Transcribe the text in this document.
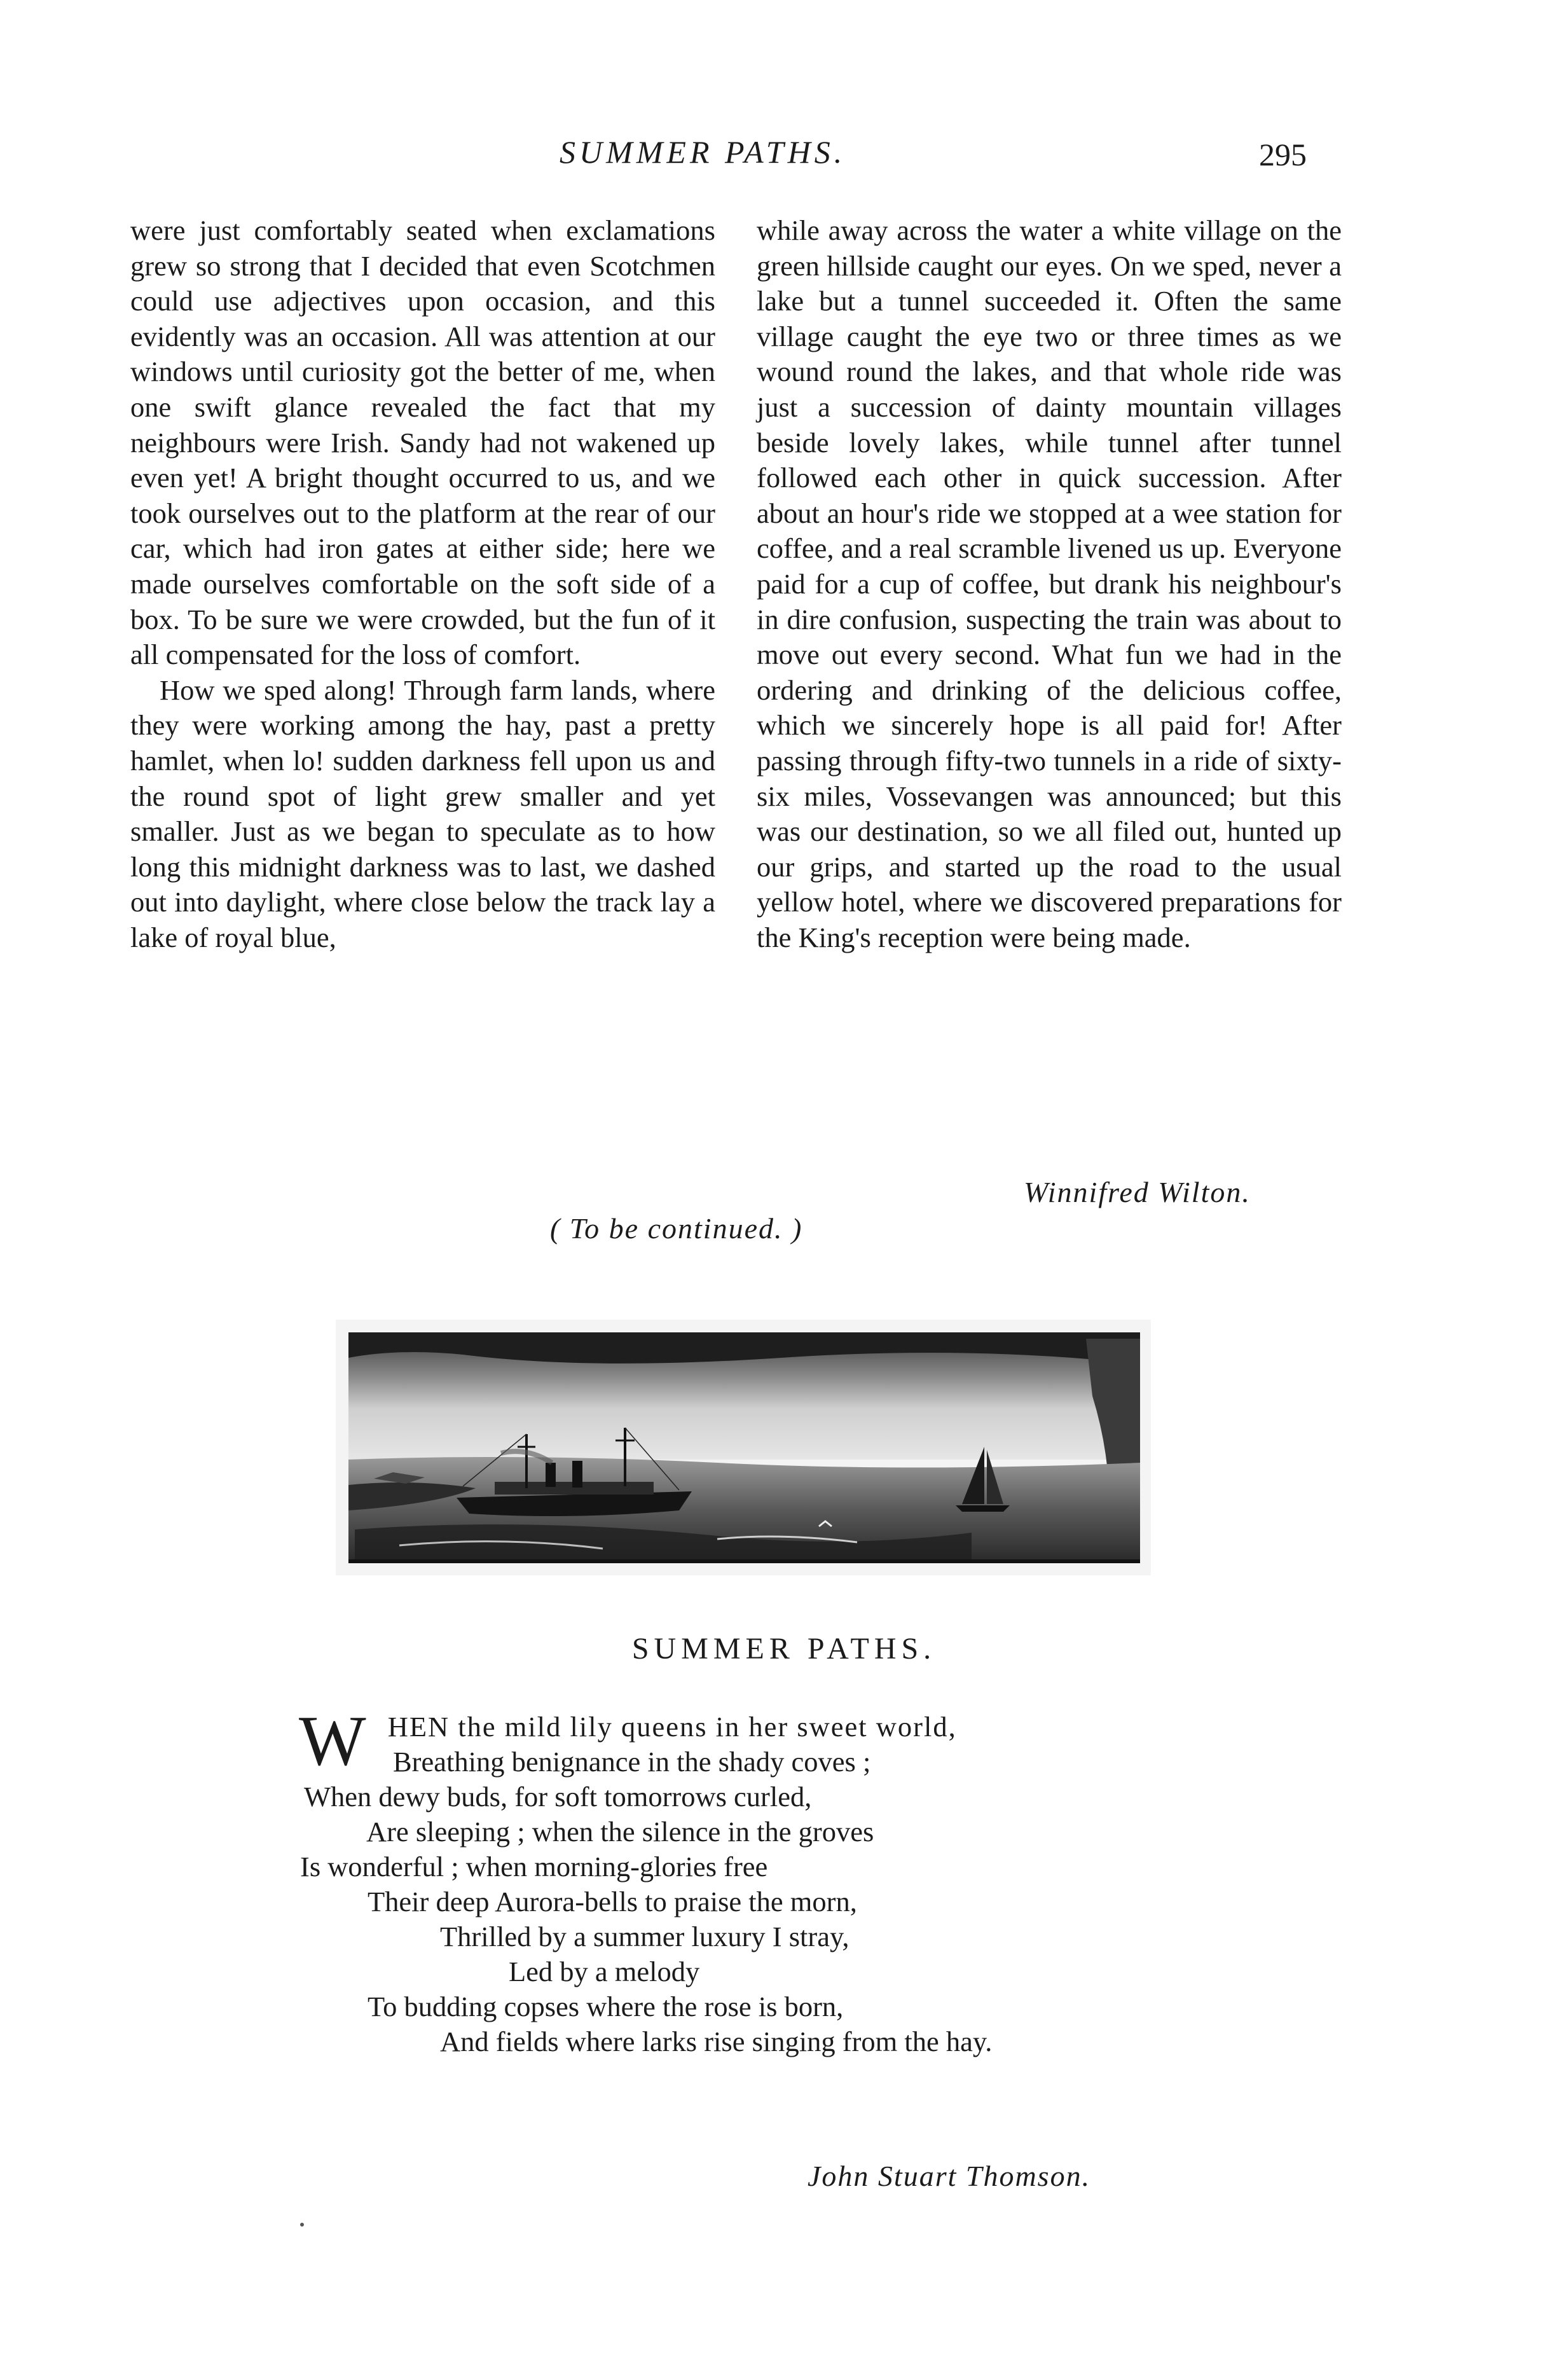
SUMMER PATHS.	295

were just comfortably seated when exclamations grew so strong that I decided that even Scotchmen could use adjectives upon occasion, and this evidently was an occasion. All was attention at our windows until curiosity got the better of me, when one swift glance revealed the fact that my neighbours were Irish. Sandy had not wakened up even yet! A bright thought occurred to us, and we took ourselves out to the platform at the rear of our car, which had iron gates at either side; here we made ourselves comfortable on the soft side of a box. To be sure we were crowded, but the fun of it all compensated for the loss of comfort.

How we sped along! Through farm lands, where they were working among the hay, past a pretty hamlet, when lo! sudden darkness fell upon us and the round spot of light grew smaller and yet smaller. Just as we began to speculate as to how long this midnight darkness was to last, we dashed out into daylight, where close below the track lay a lake of royal blue,

while away across the water a white village on the green hillside caught our eyes. On we sped, never a lake but a tunnel succeeded it. Often the same village caught the eye two or three times as we wound round the lakes, and that whole ride was just a succession of dainty mountain villages beside lovely lakes, while tunnel after tunnel followed each other in quick succession. After about an hour's ride we stopped at a wee station for coffee, and a real scramble livened us up. Everyone paid for a cup of coffee, but drank his neighbour's in dire confusion, suspecting the train was about to move out every second. What fun we had in the ordering and drinking of the delicious coffee, which we sincerely hope is all paid for! After passing through fifty-two tunnels in a ride of sixty-six miles, Vossevangen was announced; but this was our destination, so we all filed out, hunted up our grips, and started up the road to the usual yellow hotel, where we discovered preparations for the King's reception were being made.

Winnifred Wilton.
( To be continued. )
SUMMER PATHS.
W HEN the mild lily queens in her sweet world,
Breathing benignance in the shady coves ;
When dewy buds, for soft tomorrows curled,
Are sleeping ; when the silence in the groves
Is wonderful ; when morning-glories free
Their deep Aurora-bells to praise the morn,
Thrilled by a summer luxury I stray,
Led by a melody
To budding copses where the rose is born,
And fields where larks rise singing from the hay.
John Stuart Thomson.
